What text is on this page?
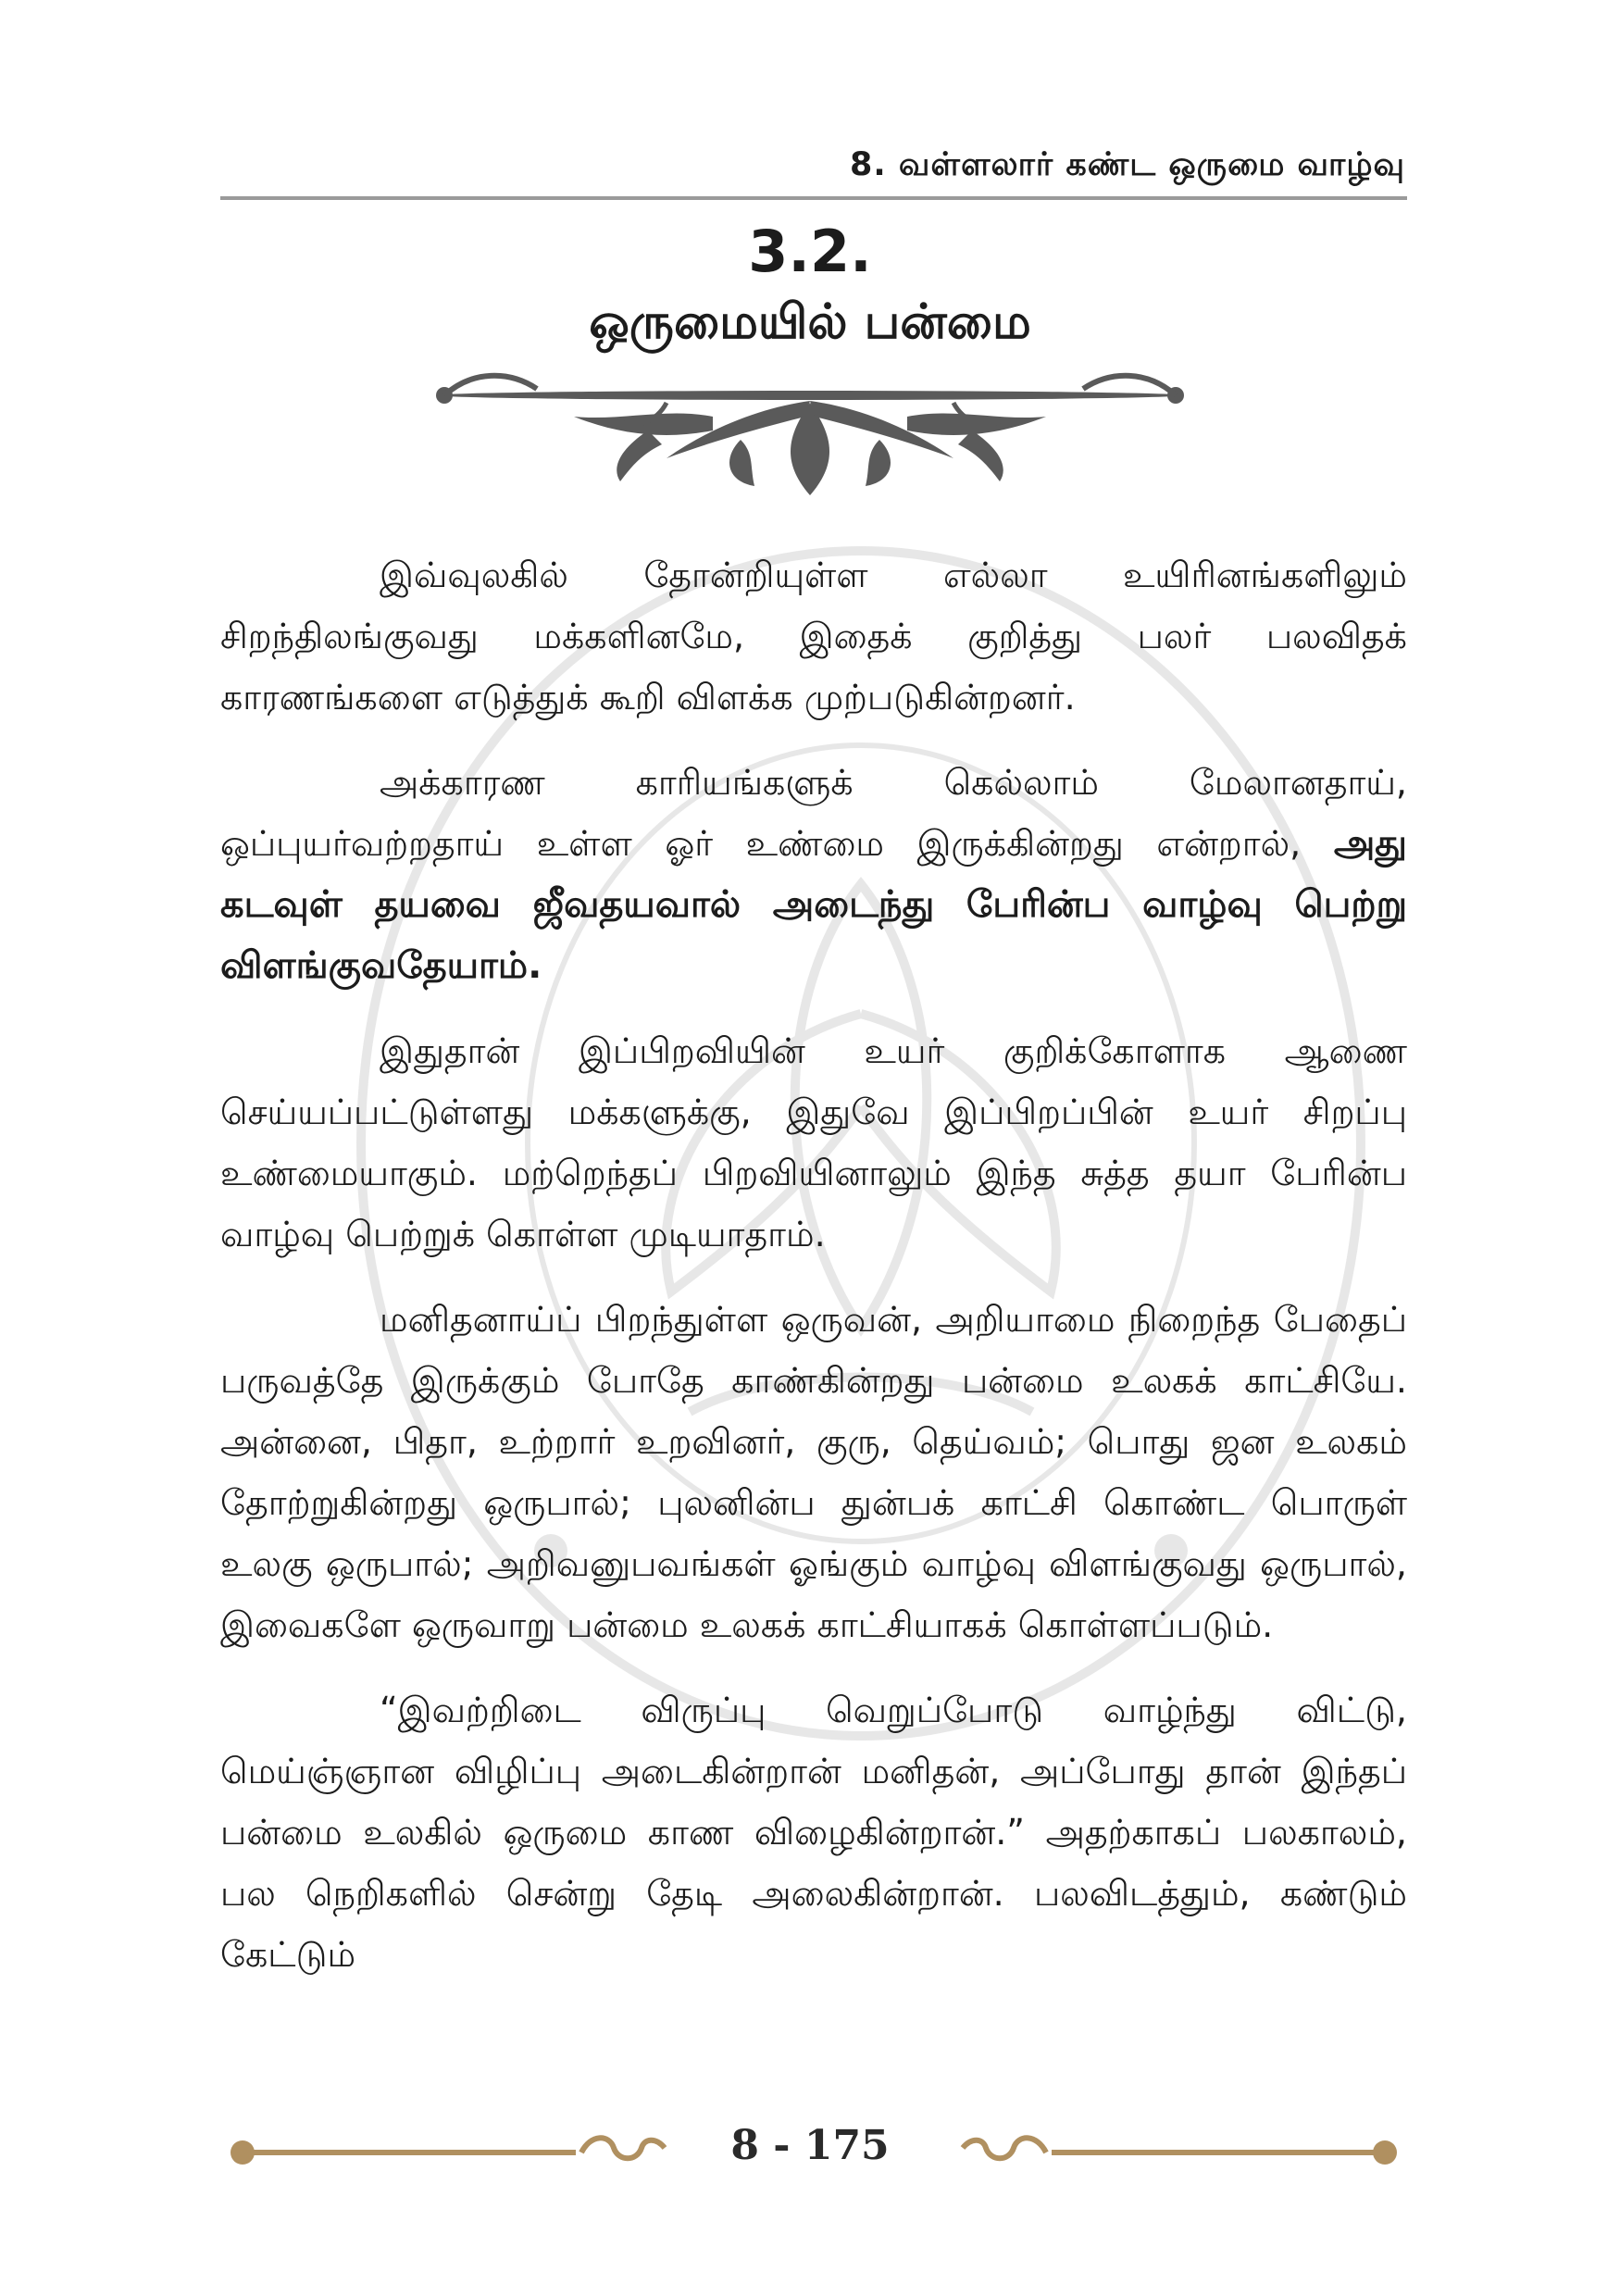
8. வள்ளலார் கண்ட ஒருமை வாழ்வு
3.2.
ஒருமையில் பன்மை

இவ்வுலகில் தோன்றியுள்ள எல்லா உயிரினங்களிலும் சிறந்திலங்குவது மக்களினமே, இதைக் குறித்து பலர் பலவிதக் காரணங்களை எடுத்துக் கூறி விளக்க முற்படுகின்றனர்.

அக்காரண காரியங்களுக் கெல்லாம் மேலானதாய், ஒப்புயர்வற்றதாய் உள்ள ஓர் உண்மை இருக்கின்றது என்றால், அது கடவுள் தயவை ஜீவதயவால் அடைந்து பேரின்ப வாழ்வு பெற்று விளங்குவதேயாம்.

இதுதான் இப்பிறவியின் உயர் குறிக்கோளாக ஆணை செய்யப்பட்டுள்ளது மக்களுக்கு, இதுவே இப்பிறப்பின் உயர் சிறப்பு உண்மையாகும். மற்றெந்தப் பிறவியினாலும் இந்த சுத்த தயா பேரின்ப வாழ்வு பெற்றுக் கொள்ள முடியாதாம்.

மனிதனாய்ப் பிறந்துள்ள ஒருவன், அறியாமை நிறைந்த பேதைப் பருவத்தே இருக்கும் போதே காண்கின்றது பன்மை உலகக் காட்சியே. அன்னை, பிதா, உற்றார் உறவினர், குரு, தெய்வம்; பொது ஜன உலகம் தோற்றுகின்றது ஒருபால்; புலனின்ப துன்பக் காட்சி கொண்ட பொருள் உலகு ஒருபால்; அறிவனுபவங்கள் ஓங்கும் வாழ்வு விளங்குவது ஒருபால், இவைகளே ஒருவாறு பன்மை உலகக் காட்சியாகக் கொள்ளப்படும்.

“இவற்றிடை விருப்பு வெறுப்போடு வாழ்ந்து விட்டு, மெய்ஞ்ஞான விழிப்பு அடைகின்றான் மனிதன், அப்போது தான் இந்தப் பன்மை உலகில் ஒருமை காண விழைகின்றான்.” அதற்காகப் பலகாலம், பல நெறிகளில் சென்று தேடி அலைகின்றான். பலவிடத்தும், கண்டும் கேட்டும்

8 - 175
